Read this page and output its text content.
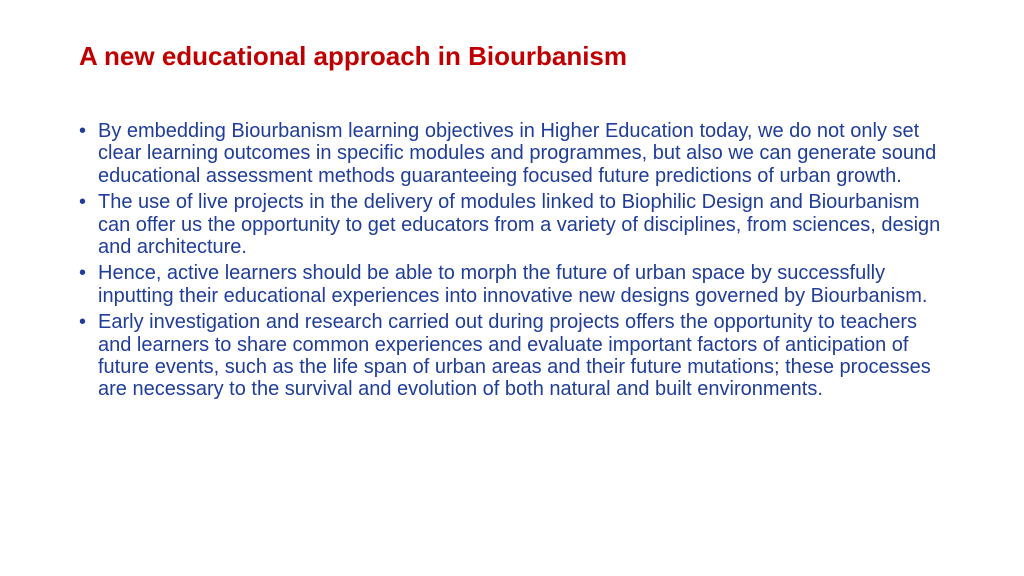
A new educational approach in Biourbanism
• By embedding Biourbanism learning objectives in Higher Education today, we do not only set clear learning outcomes in specific modules and programmes, but also we can generate sound educational assessment methods guaranteeing focused future predictions of urban growth.
• The use of live projects in the delivery of modules linked to Biophilic Design and Biourbanism can offer us the opportunity to get educators from a variety of disciplines, from sciences, design and architecture.
• Hence, active learners should be able to morph the future of urban space by successfully inputting their educational experiences into innovative new designs governed by Biourbanism.
• Early investigation and research carried out during projects offers the opportunity to teachers and learners to share common experiences and evaluate important factors of anticipation of future events, such as the life span of urban areas and their future mutations; these processes are necessary to the survival and evolution of both natural and built environments.
